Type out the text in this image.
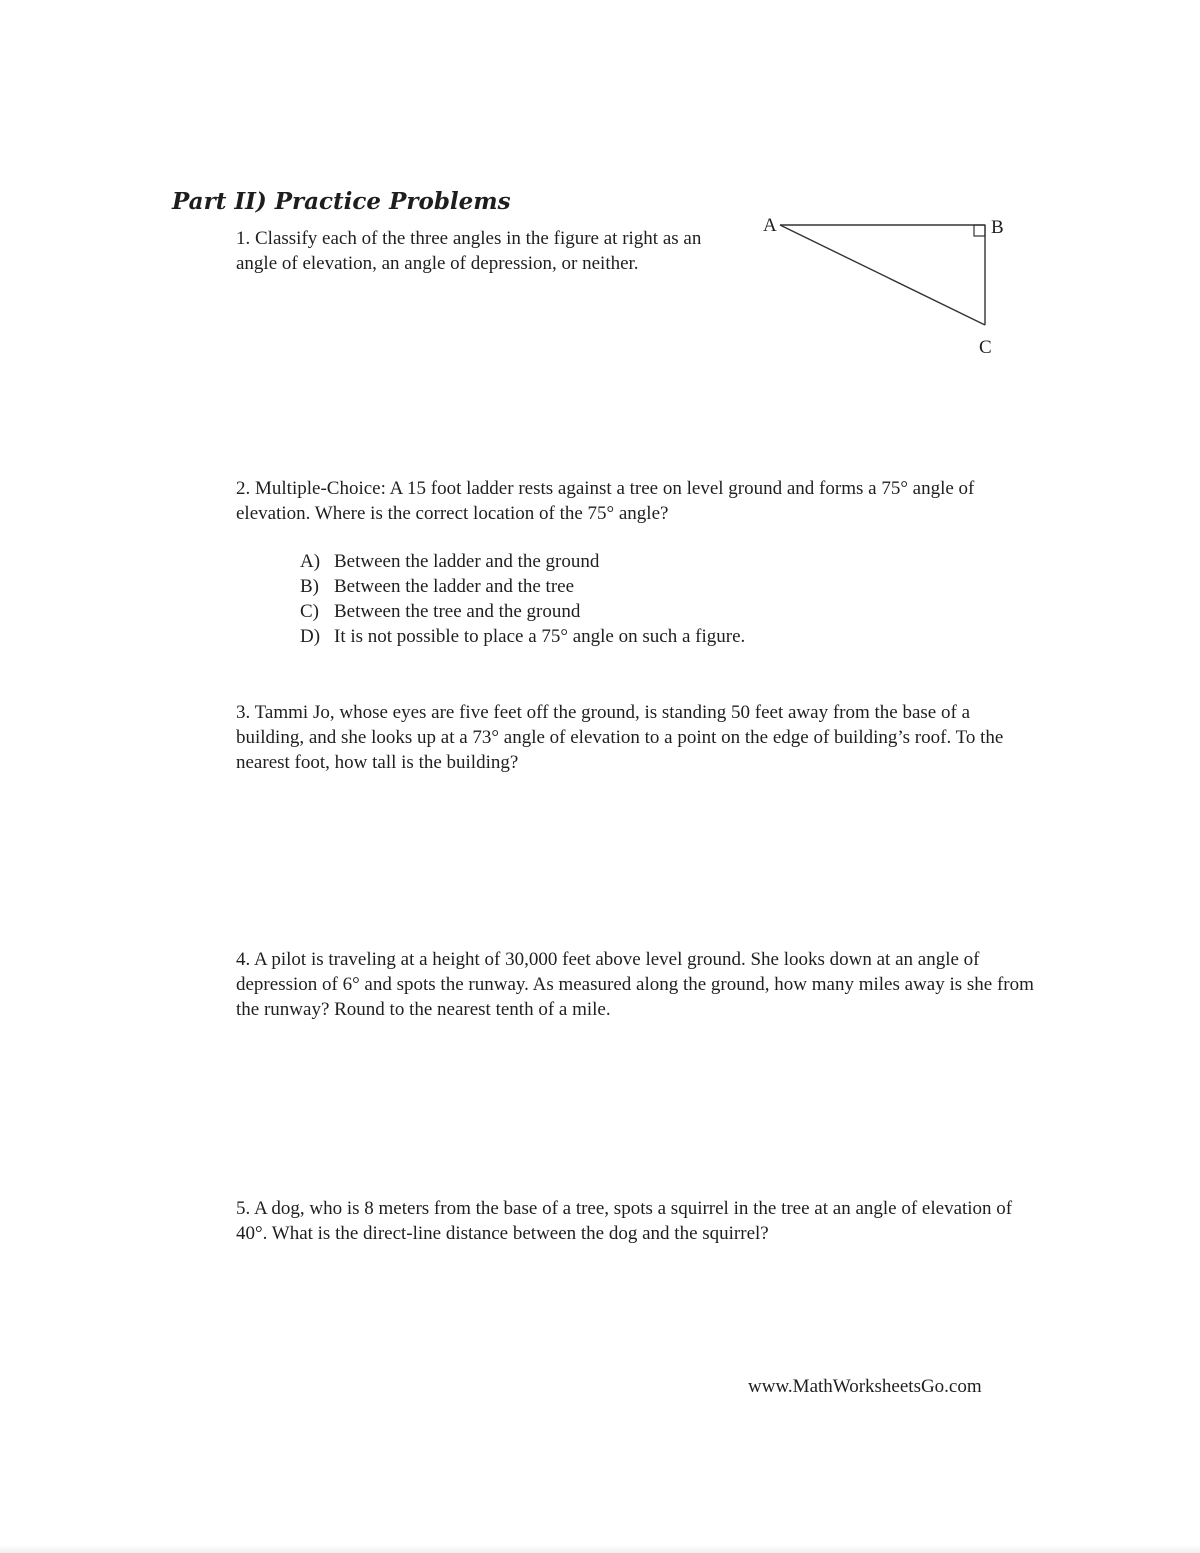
Part II) Practice Problems
1. Classify each of the three angles in the figure at right as an angle of elevation, an angle of depression, or neither.
A	B
C
2. Multiple-Choice: A 15 foot ladder rests against a tree on level ground and forms a 75° angle of elevation. Where is the correct location of the 75° angle?
A) Between the ladder and the ground
B) Between the ladder and the tree
C) Between the tree and the ground
D) It is not possible to place a 75° angle on such a figure.
3. Tammi Jo, whose eyes are five feet off the ground, is standing 50 feet away from the base of a building, and she looks up at a 73° angle of elevation to a point on the edge of building’s roof. To the nearest foot, how tall is the building?
4. A pilot is traveling at a height of 30,000 feet above level ground. She looks down at an angle of depression of 6° and spots the runway. As measured along the ground, how many miles away is she from the runway? Round to the nearest tenth of a mile.
5. A dog, who is 8 meters from the base of a tree, spots a squirrel in the tree at an angle of elevation of 40°. What is the direct-line distance between the dog and the squirrel?
www.MathWorksheetsGo.com
